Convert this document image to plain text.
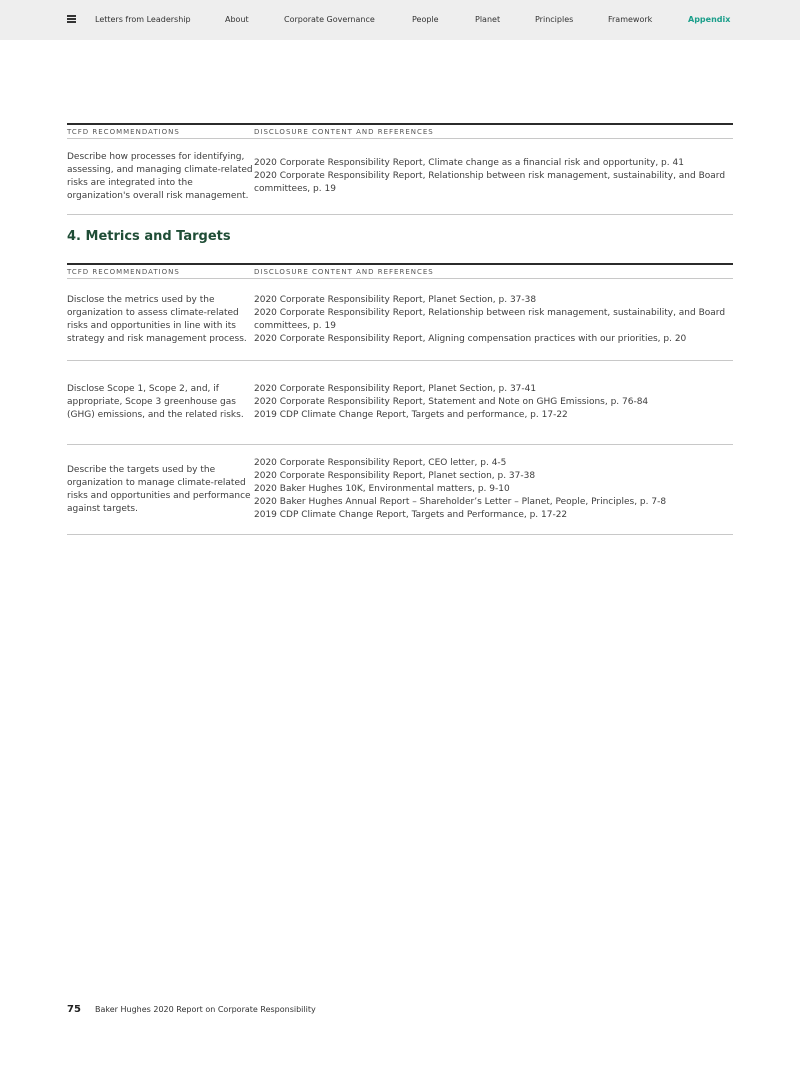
Letters from Leadership	About	Corporate Governance	People	Planet	Principles	Framework	Appendix
TCFD RECOMMENDATIONS	DISCLOSURE CONTENT AND REFERENCES
Describe how processes for identifying, assessing, and managing climate-related risks are integrated into the organization's overall risk management.	2020 Corporate Responsibility Report, Climate change as a financial risk and opportunity, p. 41
2020 Corporate Responsibility Report, Relationship between risk management, sustainability, and Board committees, p. 19
4. Metrics and Targets
TCFD RECOMMENDATIONS	DISCLOSURE CONTENT AND REFERENCES
Disclose the metrics used by the organization to assess climate-related risks and opportunities in line with its strategy and risk management process.	2020 Corporate Responsibility Report, Planet Section, p. 37-38
2020 Corporate Responsibility Report, Relationship between risk management, sustainability, and Board committees, p. 19
2020 Corporate Responsibility Report, Aligning compensation practices with our priorities, p. 20

Disclose Scope 1, Scope 2, and, if appropriate, Scope 3 greenhouse gas (GHG) emissions, and the related risks.	2020 Corporate Responsibility Report, Planet Section, p. 37-41
2020 Corporate Responsibility Report, Statement and Note on GHG Emissions, p. 76-84
2019 CDP Climate Change Report, Targets and performance, p. 17-22

Describe the targets used by the organization to manage climate-related risks and opportunities and performance against targets.	2020 Corporate Responsibility Report, CEO letter, p. 4-5
2020 Corporate Responsibility Report, Planet section, p. 37-38
2020 Baker Hughes 10K, Environmental matters, p. 9-10
2020 Baker Hughes Annual Report – Shareholder’s Letter – Planet, People, Principles, p. 7-8
2019 CDP Climate Change Report, Targets and Performance, p. 17-22
75	Baker Hughes 2020 Report on Corporate Responsibility
